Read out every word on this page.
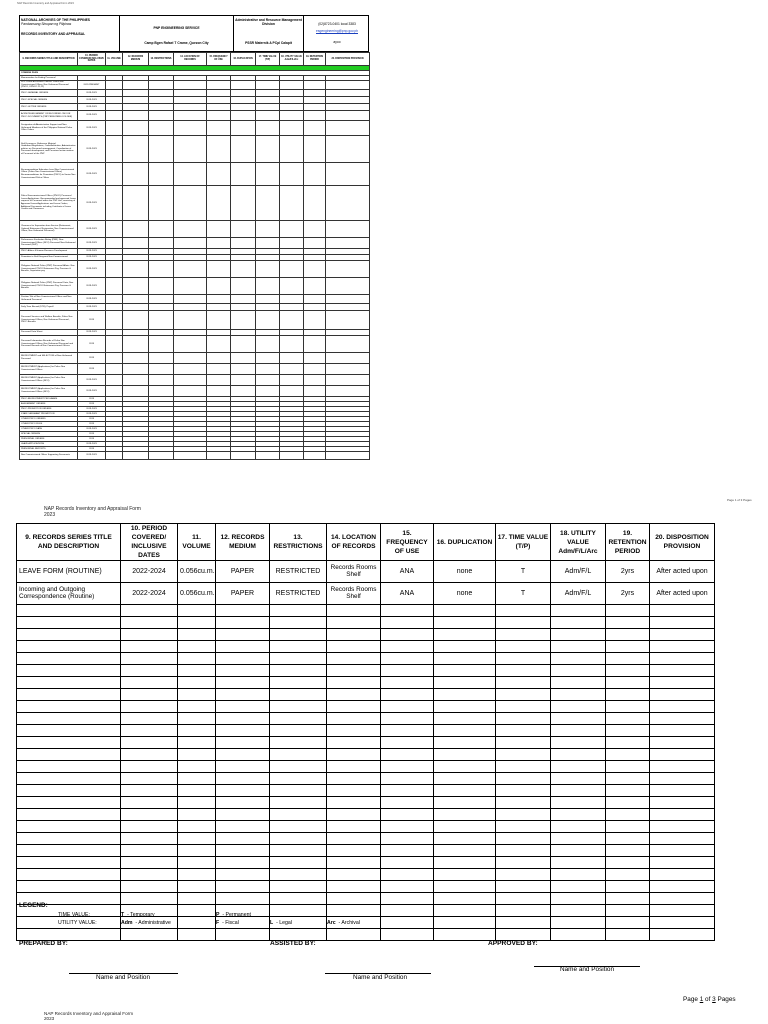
NAP Records Inventory and Appraisal Form 2023
NATIONAL ARCHIVES OF THE PHILIPPINES
Pambansang Sinupan ng Pilipinas
RECORDS INVENTORY AND APPRAISAL
PNP ENGINEERING SERVICE
Camp Bgen Rafael T Crame, Quezon City
Administrative and Resource Management Division
PSSR Maternik A PCpl Calapit
(02)8723-0401 local 3383
esgengineering@pnp.gov.ph
ayoo
9. RECORDS SERIES TITLE AND DESCRIPTION	10. PERIOD COVERED/ INCLUSIVE DATES	11. VOLUME	12. RECORDS MEDIUM	13. RESTRICTIONS	14. LOCATION OF RECORDS	15. FREQUENCY OF USE	16. DUPLICATION	17. TIME VALUE (T/P)	18. UTILITY VALUE Adm/F/L/Arc	19. RETENTION PERIOD	20. DISPOSITION PROVISION

COMMON FILES											
Memorandum for Ending Personnel											
SOP Police Accountant Offense. Police Non Commissioned Officer, Non Uniformed Personnel (PNCO, UPNCO 21,22)	2019-PRESENT										
PNCO GENERAL ORDERS	2019-2023										
PNCO SPECIAL ORDERS	2019-2023										
PNCO LETTER ORDERS	2019-2023										
ACKNOWLEDGEMENT OF RECORDED ON FOR PNCO DOCUMENTS (PNP PERSONNEL FOLDER)	2019-2023										
Designation of Administrative Support and Non-Uniformed Members of the Philippine National Police Office Orders	2019-2023										
Staff Issuances, Reference Material, Guidelines/Regulations, Code Authorities, Administrative policies on Personnel management, Coordination of Personnel development, and Personnel action matters of Personnel of the PNP	2019-2023										
Recommendation Education Level Non Commissioned Officer (Police Non Commissioned Officer) Recommendations for Promotion (PNCO) to Senior Non Commissioned Police Officer	2019-2023										
Police Noncommissioned Officer (PNCO) Personnel Leave Applications. Recommended and approved Leave requests of Personnel within the PNP Unit, consisting of Approved Leave Applications and Leave Orders; Additional Documents including Certificate of Leave Credits and Clearances	2019-2023										
Clearance for Separation from Service (Retirement, Optional Retirement, Resignation, Non Commissioned Officer, Non Uniformed Personnel)	2019-2023										
Performance Evaluation Rating (PER). Non-Commissioned Officer (NCO) Personnel Non-Uniformed Personnel (NUP)	2019-2023										
PNCO Affairs & Human Resource Development	2019-2023										
Promotion to Staff Sergeant Non-Commissioned	2019-2023										
Philippine National Police (PNP) Personnel Affairs. Non Commissioned, PNCO Retirement Pay, Pensions & Benefits, Separation pay	2019-2023										
Philippine National Police (PNP) Personnel Data, Non Commissioned, PNCO Retirement Pay, Pensions & Benefits	2019-2023										
Position Title of Non Commissioned Officer and Non Uniformed Personnel	2019-2023										
Daily Time Record (DTR), Payroll	2019-2023										
Personnel Services and Welfare Benefits, Police Non Commissioned Officer, Non Uniformed Personnel, PNCO Benefits	2019										
Personnel Data Sheet	2019-2023										
Personnel Information Records of Police Non Commissioned Officer, Non Uniformed Personnel and Personnel Records of Non Commissioned Officers	2019										
RECRUITMENT and SELECTION of Non-Uniformed Personnel	2019										
RECRUITMENT (Applications) for Police Non Commissioned Officer	2019										
RECRUITMENT (Applications) for Police Non Commissioned Officer (NCO)	2019-2023										
RECRUITMENT (Applications) for Police Non Commissioned Officer (NCO)	2019-2023										
PNCO RECRUITMENT PROGRAMS	2019										
ASSIGNMENT ORDERS	2019										
PNCO PROMOTION ORDERS	2019-2023										
STAFF SERGEANT PROMOTION	2019-2023										
OTHER PNCO ORDERS	2019										
OTHER PNCO FILES	2019										
OTHER PNCO DATA	2019-2023										
SPECIAL ORDERS	2019										
PERSONNEL ORDERS	2019										
LEAVE APPLICATIONS	2019-2023										
PERSONNEL REPORTS	2019										
Non Commissioned Officer Supporting Documents	2019-2023										
Page 1 of 3 Pages
NAP Records Inventory and Appraisal Form
2023
9. RECORDS SERIES TITLE AND DESCRIPTION	10. PERIOD COVERED/ INCLUSIVE DATES	11. VOLUME	12. RECORDS MEDIUM	13. RESTRICTIONS	14. LOCATION OF RECORDS	15. FREQUENCY OF USE	16. DUPLICATION	17. TIME VALUE (T/P)	18. UTILITY VALUE Adm/F/L/Arc	19. RETENTION PERIOD	20. DISPOSITION PROVISION
LEAVE FORM (ROUTINE)	2022-2024	0.056cu.m.	PAPER	RESTRICTED	Records Rooms Shelf	ANA	none	T	Adm/F/L	2yrs	After acted upon
Incoming and Outgoing Correspondence (Routine)	2022-2024	0.056cu.m.	PAPER	RESTRICTED	Records Rooms Shelf	ANA	none	T	Adm/F/L	2yrs	After acted upon

LEGEND:
TIME VALUE:
UTILITY VALUE:
T - Temporary	P - Permanent
Adm - Administrative	F - Fiscal	L - Legal	Arc - Archival
PREPARED BY:	ASSISTED BY:	APPROVED BY:
Name and Position	Name and Position
Name and Position
Page 1 of 3 Pages
NAP Records Inventory and Appraisal Form
2023
